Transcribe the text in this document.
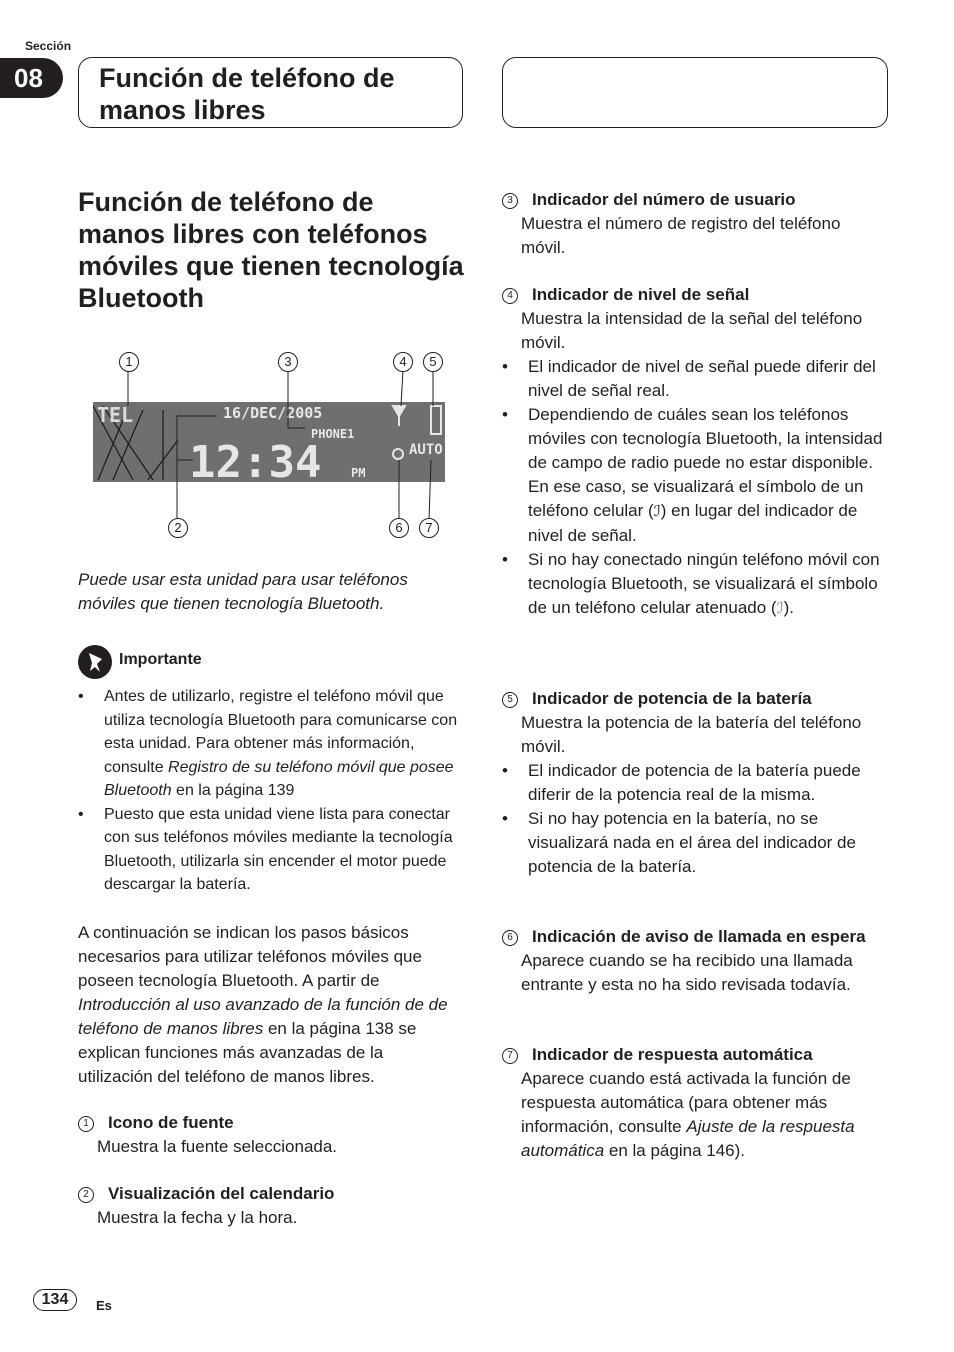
Sección
08	Función de teléfono de manos libres
Función de teléfono de manos libres con teléfonos móviles que tienen tecnología Bluetooth
TEL	16/DEC/2005
PHONE1
12:34 PM
AUTO
1
2
3	4	5
6	7
Puede usar esta unidad para usar teléfonos móviles que tienen tecnología Bluetooth.
Importante
• Antes de utilizarlo, registre el teléfono móvil que utiliza tecnología Bluetooth para comunicarse con esta unidad. Para obtener más información, consulte Registro de su teléfono móvil que posee Bluetooth en la página 139
• Puesto que esta unidad viene lista para conectar con sus teléfonos móviles mediante la tecnología Bluetooth, utilizarla sin encender el motor puede descargar la batería.
A continuación se indican los pasos básicos necesarios para utilizar teléfonos móviles que poseen tecnología Bluetooth. A partir de Introducción al uso avanzado de la función de de teléfono de manos libres en la página 138 se explican funciones más avanzadas de la utilización del teléfono de manos libres.
1 Icono de fuente
Muestra la fuente seleccionada.
2 Visualización del calendario
Muestra la fecha y la hora.
3 Indicador del número de usuario
Muestra el número de registro del teléfono móvil.
4 Indicador de nivel de señal
Muestra la intensidad de la señal del teléfono móvil.
• El indicador de nivel de señal puede diferir del nivel de señal real.
• Dependiendo de cuáles sean los teléfonos móviles con tecnología Bluetooth, la intensidad de campo de radio puede no estar disponible. En ese caso, se visualizará el símbolo de un teléfono celular (ℐ) en lugar del indicador de nivel de señal.
• Si no hay conectado ningún teléfono móvil con tecnología Bluetooth, se visualizará el símbolo de un teléfono celular atenuado (ℐ).
5 Indicador de potencia de la batería
Muestra la potencia de la batería del teléfono móvil.
• El indicador de potencia de la batería puede diferir de la potencia real de la misma.
• Si no hay potencia en la batería, no se visualizará nada en el área del indicador de potencia de la batería.
6 Indicación de aviso de llamada en espera
Aparece cuando se ha recibido una llamada entrante y esta no ha sido revisada todavía.
7 Indicador de respuesta automática
Aparece cuando está activada la función de respuesta automática (para obtener más información, consulte Ajuste de la respuesta automática en la página 146).
134	Es
